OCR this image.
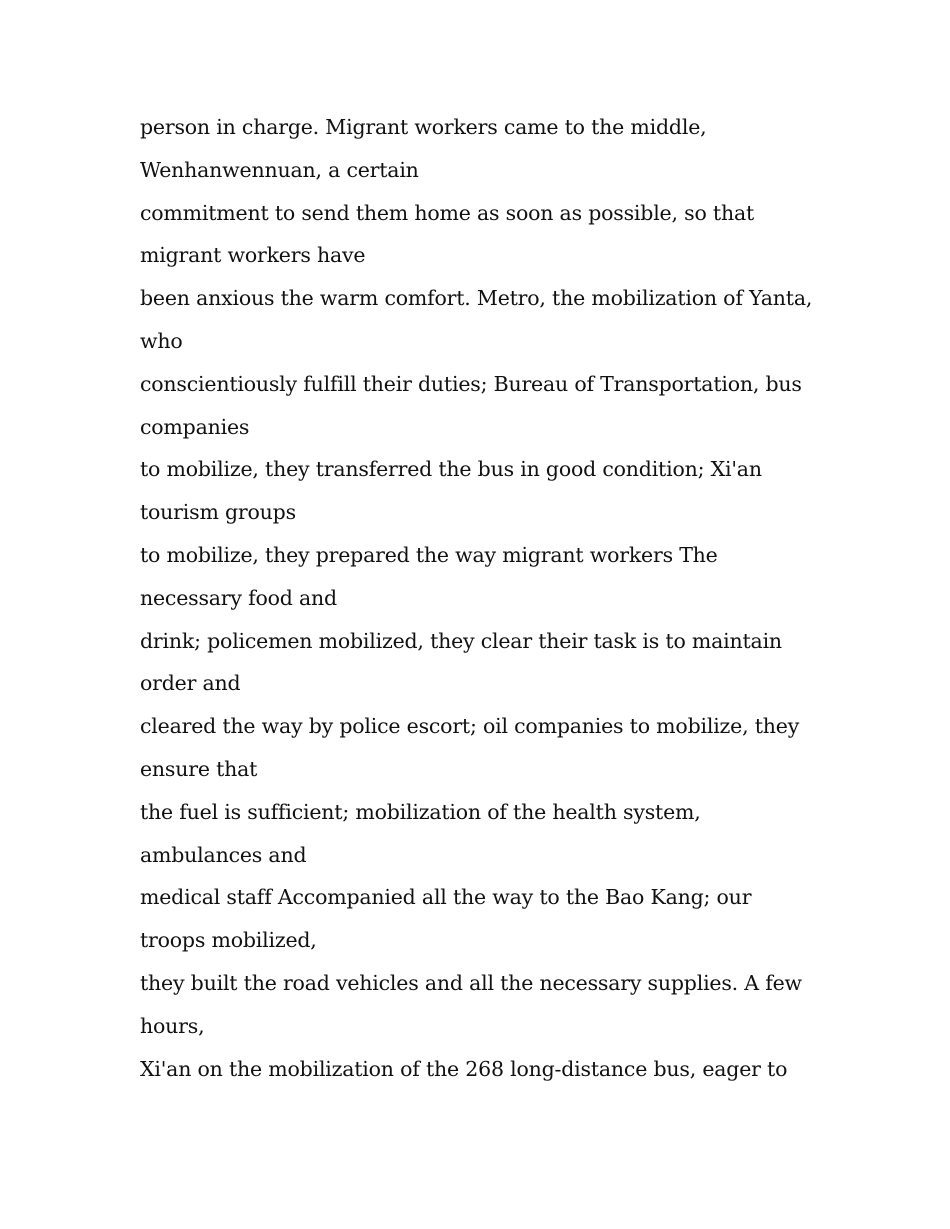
person in charge. Migrant workers came to the middle,
Wenhanwennuan, a certain
commitment to send them home as soon as possible, so that
migrant workers have
been anxious the warm comfort. Metro, the mobilization of Yanta,
who
conscientiously fulfill their duties; Bureau of Transportation, bus
companies
to mobilize, they transferred the bus in good condition; Xi'an
tourism groups
to mobilize, they prepared the way migrant workers The
necessary food and
drink; policemen mobilized, they clear their task is to maintain
order and
cleared the way by police escort; oil companies to mobilize, they
ensure that
the fuel is sufficient; mobilization of the health system,
ambulances and
medical staff Accompanied all the way to the Bao Kang; our
troops mobilized,
they built the road vehicles and all the necessary supplies. A few
hours,
Xi'an on the mobilization of the 268 long-distance bus, eager to
